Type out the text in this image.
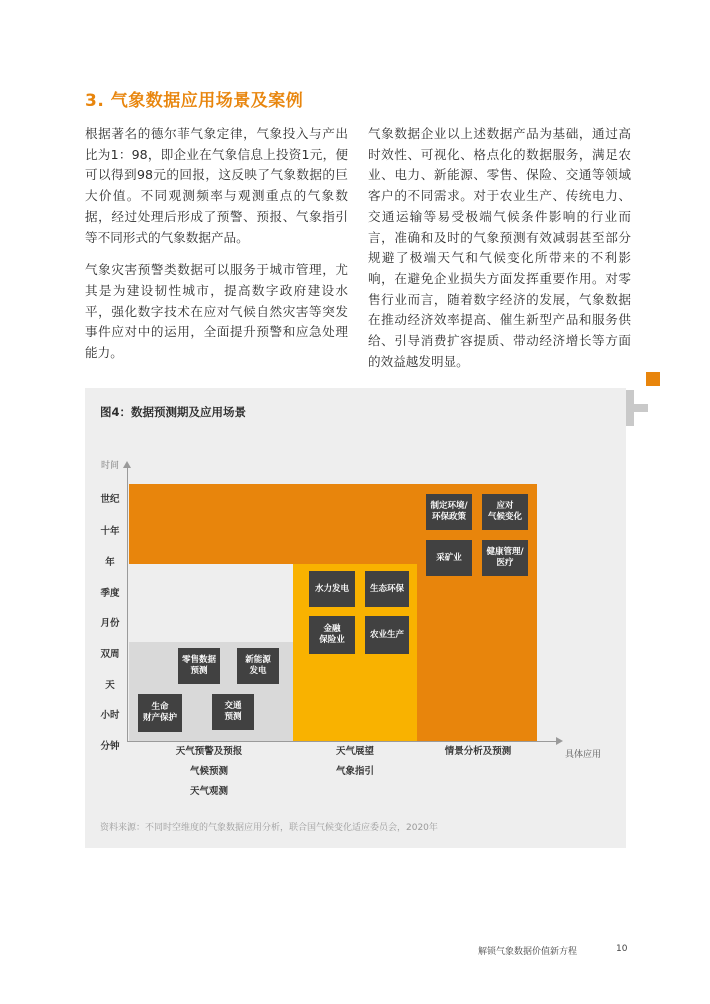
3. 气象数据应用场景及案例

根据著名的德尔菲气象定律，气象投入与产出比为1：98，即企业在气象信息上投资1元，便可以得到98元的回报，这反映了气象数据的巨大价值。不同观测频率与观测重点的气象数据，经过处理后形成了预警、预报、气象指引等不同形式的气象数据产品。

气象灾害预警类数据可以服务于城市管理，尤其是为建设韧性城市，提高数字政府建设水平，强化数字技术在应对气候自然灾害等突发事件应对中的运用，全面提升预警和应急处理能力。

气象数据企业以上述数据产品为基础，通过高时效性、可视化、格点化的数据服务，满足农业、电力、新能源、零售、保险、交通等领域客户的不同需求。对于农业生产、传统电力、交通运输等易受极端气候条件影响的行业而言，准确和及时的气象预测有效减弱甚至部分规避了极端天气和气候变化所带来的不利影响，在避免企业损失方面发挥重要作用。对零售行业而言，随着数字经济的发展，气象数据在推动经济效率提高、催生新型产品和服务供给、引导消费扩容提质、带动经济增长等方面的效益越发明显。

图4：数据预测期及应用场景
时间
具体应用
世纪
十年
年
季度
月份
双周
天
小时
分钟
零售数据
预测
新能源
发电
生命
财产保护
交通
预测
水力发电 生态环保
金融
保险业
农业生产
制定环境/
环保政策
应对
气候变化
采矿业
健康管理/
医疗
天气预警及预报
气候预测
天气观测
天气展望
气象指引
情景分析及预测
资料来源：不同时空维度的气象数据应用分析，联合国气候变化适应委员会，2020年
解锁气象数据价值新方程	10
